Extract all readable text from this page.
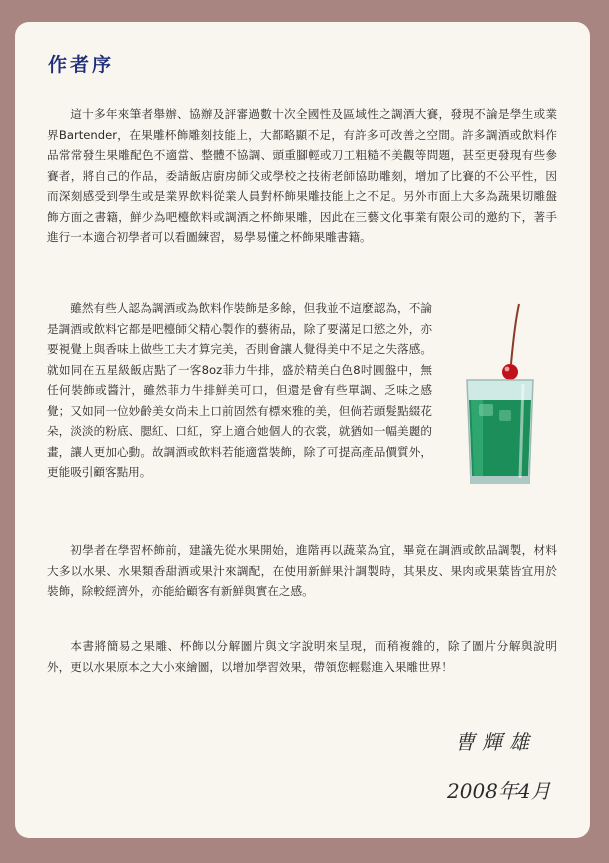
作者序

這十多年來筆者舉辦、協辦及評審過數十次全國性及區域性之調酒大賽，發現不論是學生或業界Bartender，在果雕杯飾雕刻技能上，大都略顯不足，有許多可改善之空間。許多調酒或飲料作品常常發生果雕配色不適當、整體不協調、頭重腳輕或刀工粗糙不美觀等問題，甚至更發現有些參賽者，將自己的作品，委請飯店廚房師父或學校之技術老師協助雕刻，增加了比賽的不公平性，因而深刻感受到學生或是業界飲料從業人員對杯飾果雕技能上之不足。另外市面上大多為蔬果切雕盤飾方面之書籍，鮮少為吧檯飲料或調酒之杯飾果雕，因此在三藝文化事業有限公司的邀約下，著手進行一本適合初學者可以看圖練習，易學易懂之杯飾果雕書籍。

雖然有些人認為調酒或為飲料作裝飾是多餘，但我並不這麼認為，不論是調酒或飲料它都是吧檯師父精心製作的藝術品，除了要滿足口慾之外，亦要視覺上與香味上做些工夫才算完美，否則會讓人覺得美中不足之失落感。就如同在五星級飯店點了一客8oz菲力牛排，盛於精美白色8吋圓盤中，無任何裝飾或醬汁，雖然菲力牛排鮮美可口，但還是會有些單調、乏味之感覺；又如同一位妙齡美女尚未上口前固然有標來雅的美，但倘若頭髮點綴花朵，淡淡的粉底、腮紅、口紅，穿上適合她個人的衣裳，就猶如一幅美麗的畫，讓人更加心動。故調酒或飲料若能適當裝飾，除了可提高產品價質外，更能吸引顧客點用。

初學者在學習杯飾前，建議先從水果開始，進階再以蔬菜為宜，畢竟在調酒或飲品調製，材料大多以水果、水果類香甜酒或果汁來調配，在使用新鮮果汁調製時，其果皮、果肉或果葉皆宜用於裝飾，除較經濟外，亦能給顧客有新鮮與實在之感。

本書將簡易之果雕、杯飾以分解圖片與文字說明來呈現，而稍複雜的，除了圖片分解與說明外，更以水果原本之大小來繪圖，以增加學習效果，帶領您輕鬆進入果雕世界！

曹輝雄

2008年4月
